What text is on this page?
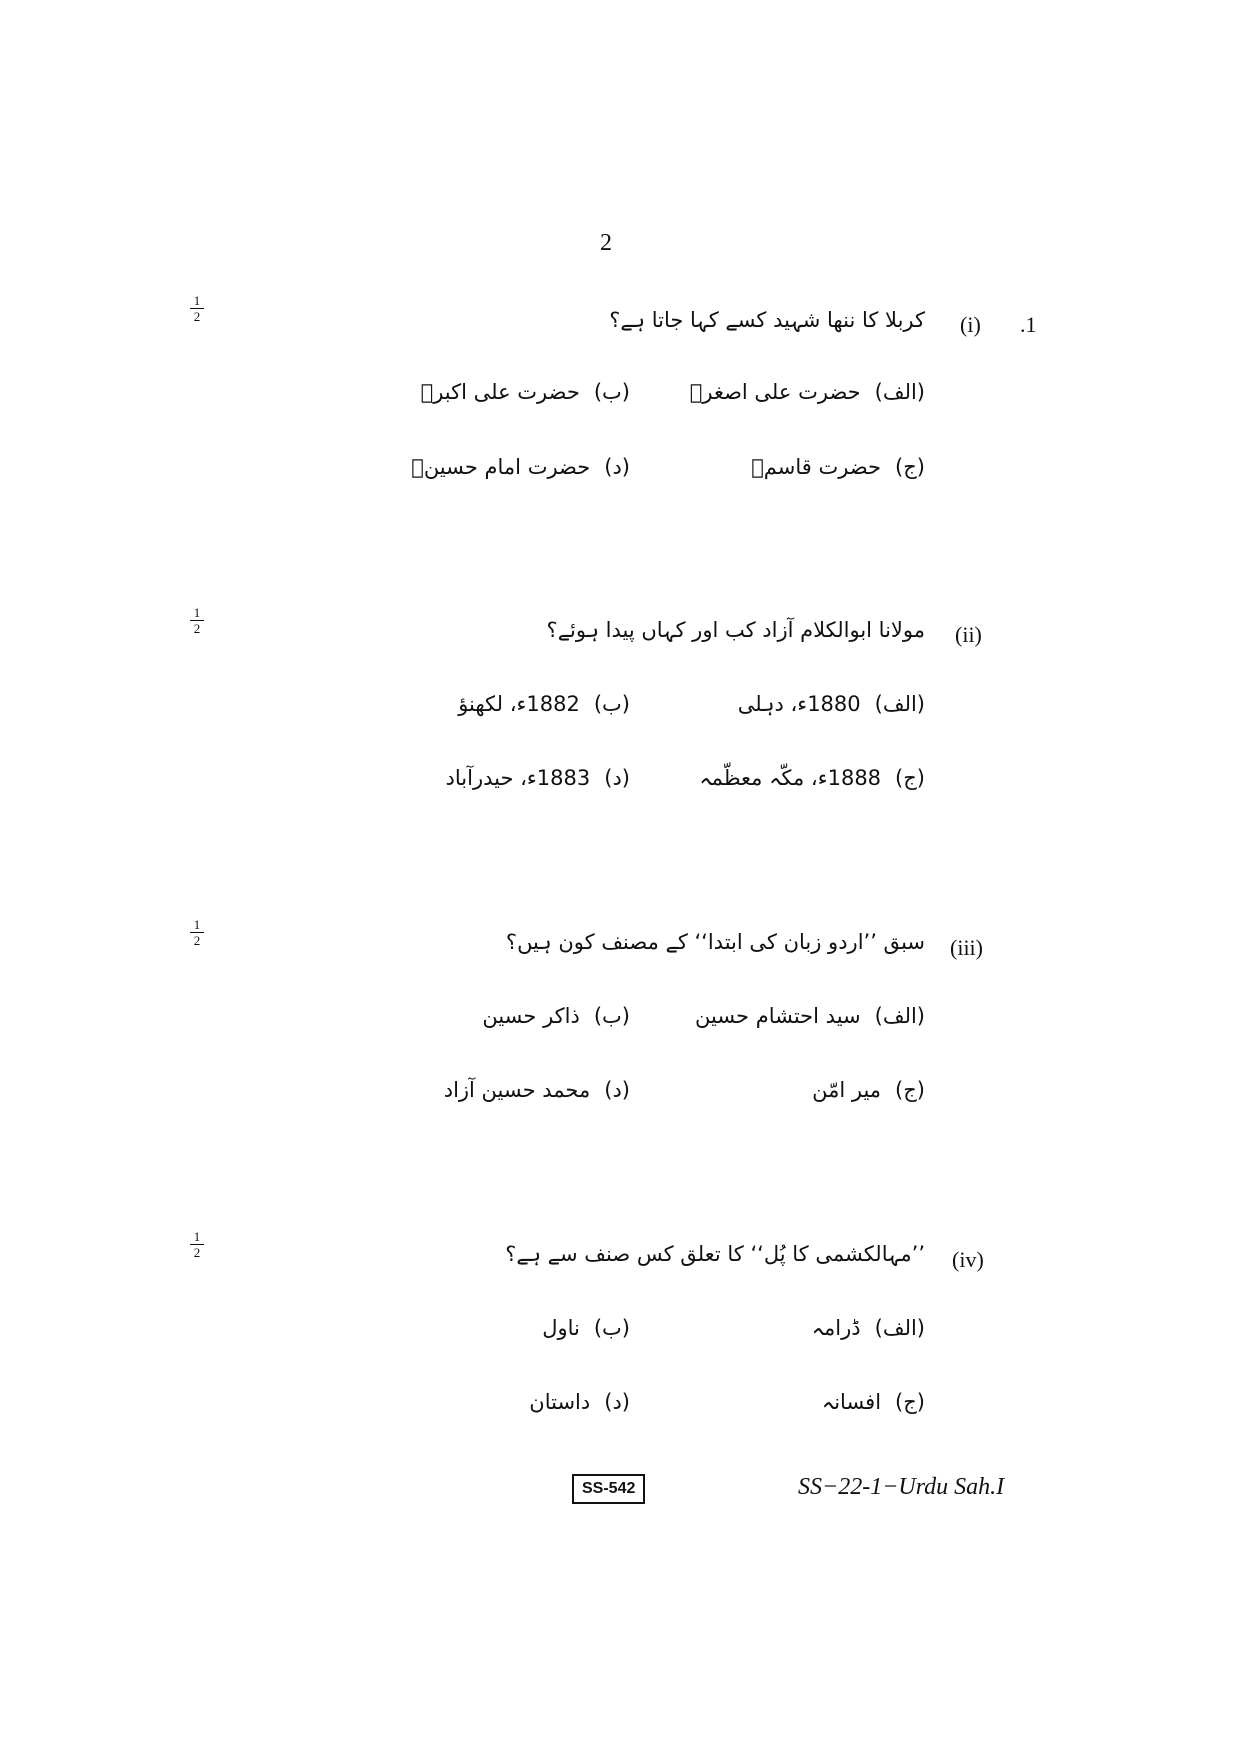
2
$\frac{1}{2}$
.1
(i)
کربلا کا ننھا شہید کسے کہا جاتا ہے؟
(الف)حضرت علی اصغرؓ
(ب)حضرت علی اکبرؓ
(ج)حضرت قاسمؓ
(د)حضرت امام حسینؓ
$\frac{1}{2}$	(ii)
مولانا ابوالکلام آزاد کب اور کہاں پیدا ہوئے؟
(الف)1880ء، دہلی
(ب)1882ء، لکھنؤ
(ج)1888ء، مکّہ معظّمہ
(د)1883ء، حیدرآباد
$\frac{1}{2}$
(iii)
سبق ’’اردو زبان کی ابتدا‘‘ کے مصنف کون ہیں؟
(الف)سید احتشام حسین
(ب)ذاکر حسین
(ج)میر امّن
(د)محمد حسین آزاد
$\frac{1}{2}$
(iv)
’’مہالکشمی کا پُل‘‘ کا تعلق کس صنف سے ہے؟
(الف)ڈرامہ
(ب)ناول
(ج)افسانہ
(د)داستان
SS-542	SS−22-1−Urdu Sah.I
